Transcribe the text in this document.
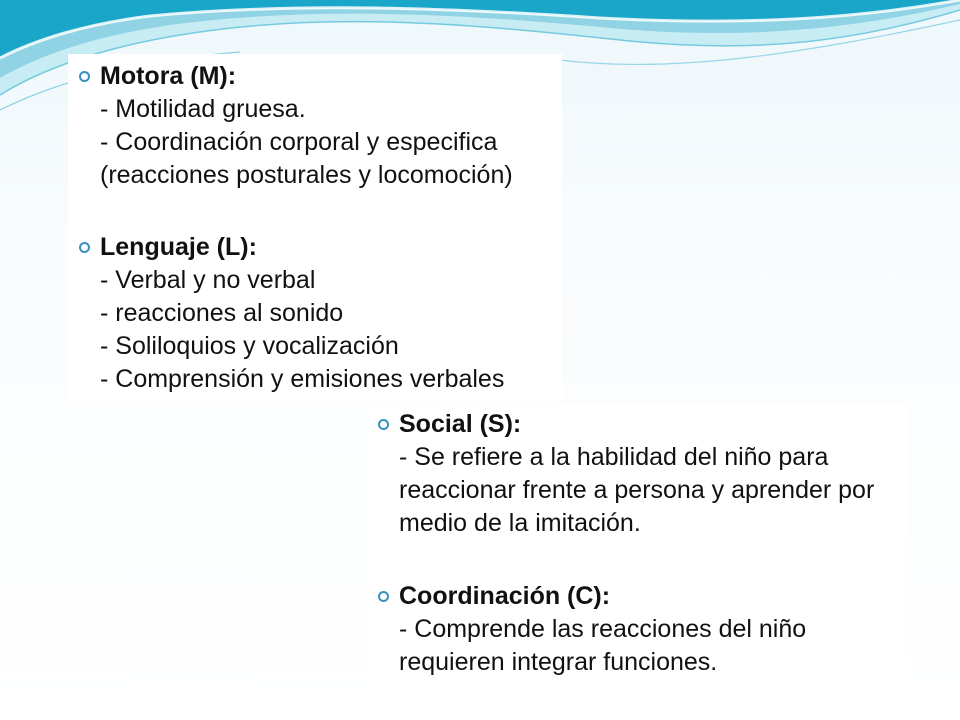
Motora (M):
- Motilidad gruesa.
- Coordinación corporal y especifica
(reacciones posturales y locomoción)
Lenguaje (L):
- Verbal y no verbal
- reacciones al sonido
- Soliloquios y vocalización
- Comprensión y emisiones verbales
Social (S):
- Se refiere a la habilidad del niño para
reaccionar frente a persona y aprender por
medio de la imitación.
Coordinación (C):
- Comprende las reacciones del niño
requieren integrar funciones.
